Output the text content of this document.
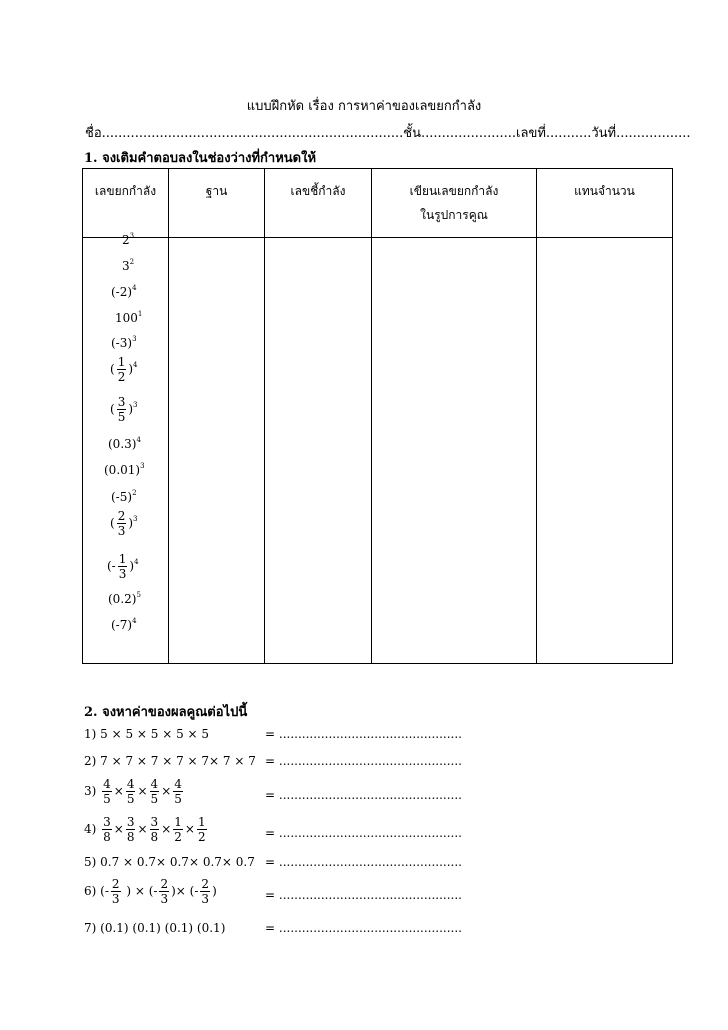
แบบฝึกหัด เรื่อง การหาค่าของเลขยกกำลัง
ชื่อ.........................................................................ชั้น.......................เลขที่...........วันที่..................
1. จงเติมคำตอบลงในช่องว่างที่กำหนดให้
เลขยกกำลัง	ฐาน	เลขชี้กำลัง	เขียนเลขยกกำลัง
ในรูปการคูณ	แทนจำนวน

$2^3$
$3^2$
$(-2)^4$
$100^1$
$(-3)^3$
( $\frac{1}{2} )^4$
( $\frac{3}{5} )^3$
$(0.3)^4$
$(0.01)^3$
$(-5)^2$
( $\frac{2}{3} )^3$
(- $\frac{1}{3} )^4$
$(0.2)^5$
$(-7)^4$
2. จงหาค่าของผลคูณต่อไปนี้
1) 5 × 5 × 5 × 5 × 5	= ................................................
2) 7 × 7 × 7 × 7 × 7× 7 × 7 = ................................................
$3) \frac{4}{5} \times \frac{4}{5} \times \frac{4}{5} \times \frac{4}{5}$	= ................................................
$4) \frac{3}{8} \times \frac{3}{8} \times \frac{3}{8} \times \frac{1}{2} \times \frac{1}{2}$	= ................................................
5) 0.7 × 0.7× 0.7× 0.7× 0.7 = ................................................
6) (- $\frac{2}{3}$ ) × (- $\frac{2}{3}$ )× (- $\frac{2}{3}$ )	= ................................................
7) (0.1) (0.1) (0.1) (0.1)	= ................................................
